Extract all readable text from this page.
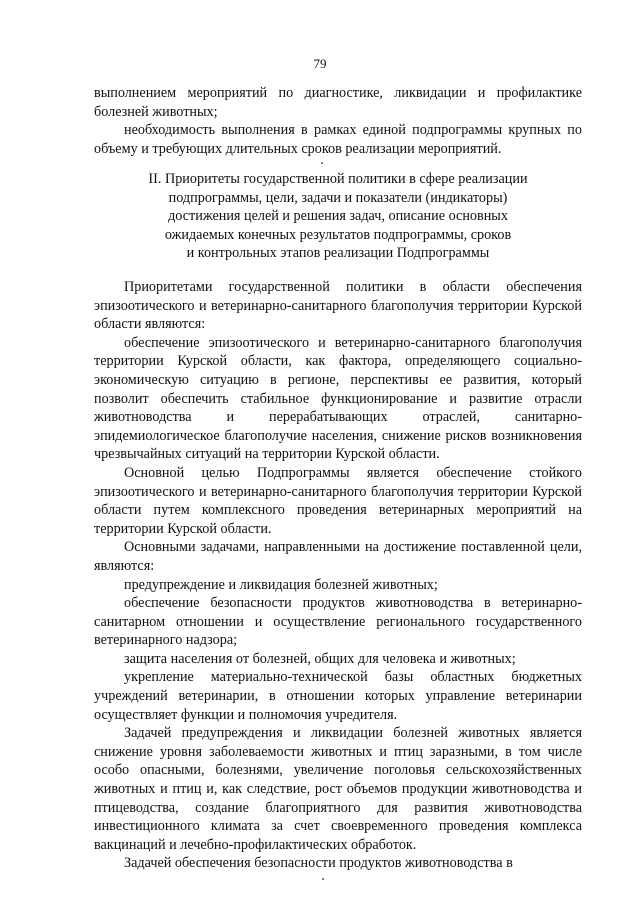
79

выполнением мероприятий по диагностике, ликвидации и профилактике болезней животных;

необходимость выполнения в рамках единой подпрограммы крупных по объему и требующих длительных сроков реализации мероприятий.

II. Приоритеты государственной политики в сфере реализации
подпрограммы, цели, задачи и показатели (индикаторы)
достижения целей и решения задач, описание основных
ожидаемых конечных результатов подпрограммы, сроков
и контрольных этапов реализации Подпрограммы

Приоритетами государственной политики в области обеспечения эпизоотического и ветеринарно-санитарного благополучия территории Курской области являются:

обеспечение эпизоотического и ветеринарно-санитарного благополучия территории Курской области, как фактора, определяющего социально-экономическую ситуацию в регионе, перспективы ее развития, который позволит обеспечить стабильное функционирование и развитие отрасли животноводства и перерабатывающих отраслей, санитарно-эпидемиологическое благополучие населения, снижение рисков возникновения чрезвычайных ситуаций на территории Курской области.

Основной целью Подпрограммы является обеспечение стойкого эпизоотического и ветеринарно-санитарного благополучия территории Курской области путем комплексного проведения ветеринарных мероприятий на территории Курской области.

Основными задачами, направленными на достижение поставленной цели, являются:

предупреждение и ликвидация болезней животных;

обеспечение безопасности продуктов животноводства в ветеринарно-санитарном отношении и осуществление регионального государственного ветеринарного надзора;

защита населения от болезней, общих для человека и животных;

укрепление материально-технической базы областных бюджетных учреждений ветеринарии, в отношении которых управление ветеринарии осуществляет функции и полномочия учредителя.

Задачей предупреждения и ликвидации болезней животных является снижение уровня заболеваемости животных и птиц заразными, в том числе особо опасными, болезнями, увеличение поголовья сельскохозяйственных животных и птиц и, как следствие, рост объемов продукции животноводства и птицеводства, создание благоприятного для развития животноводства инвестиционного климата за счет своевременного проведения комплекса вакцинаций и лечебно-профилактических обработок.

Задачей обеспечения безопасности продуктов животноводства в
